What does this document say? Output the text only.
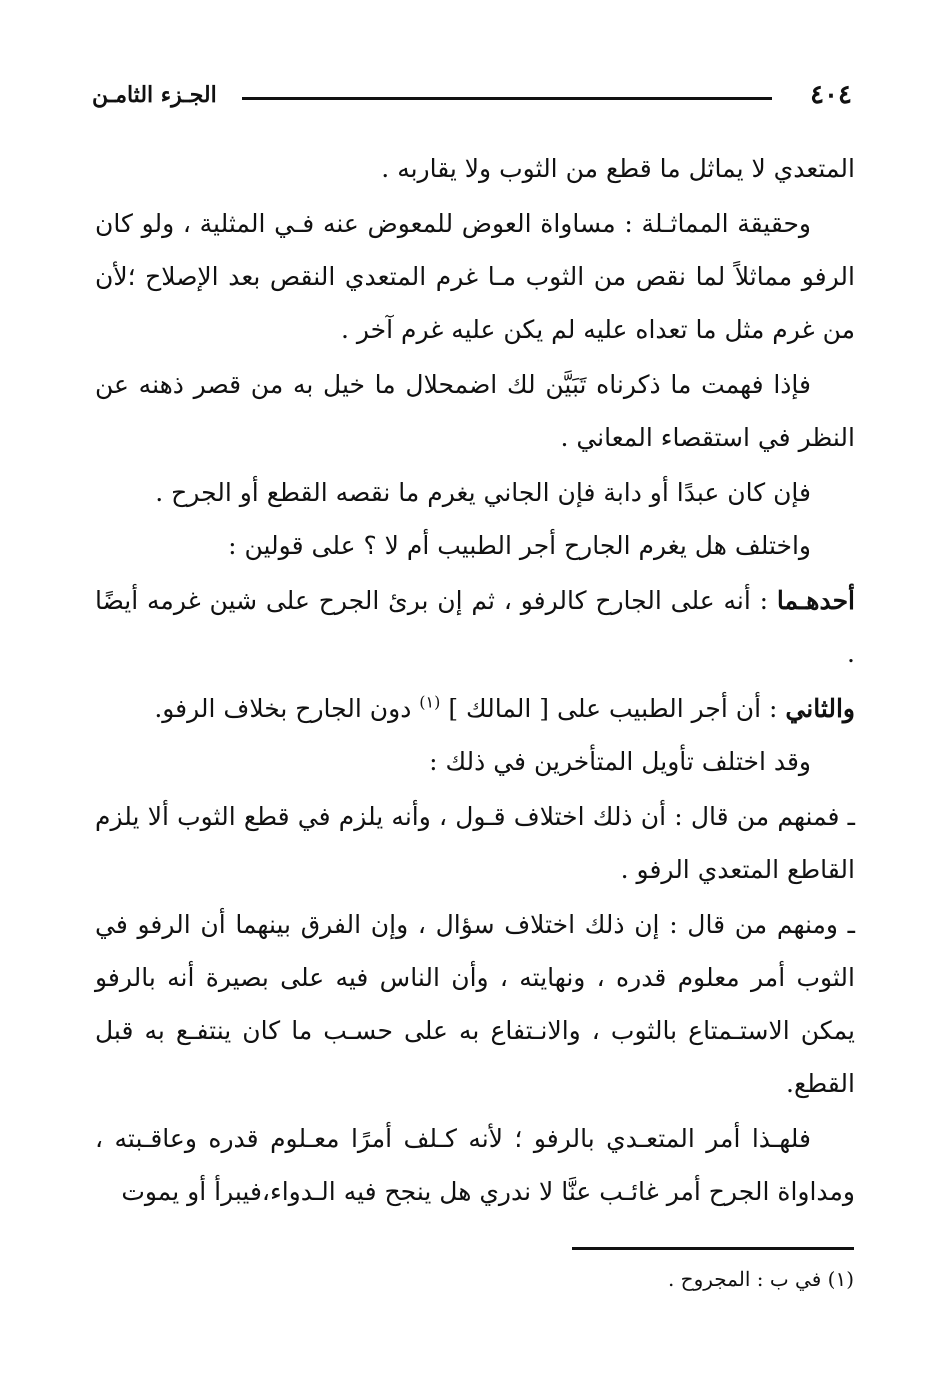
٤٠٤
الجـزء الثامـن

المتعدي لا يماثل ما قطع من الثوب ولا يقاربه .

وحقيقة المماثـلة : مساواة العوض للمعوض عنه فـي المثلية ، ولو كان الرفو مماثلاً لما نقص من الثوب مـا غرم المتعدي النقص بعد الإصلاح ؛لأن من غرم مثل ما تعداه عليه لم يكن عليه غرم آخر .

فإذا فهمت ما ذكرناه تَبَيَّن لك اضمحلال ما خيل به من قصر ذهنه عن النظر في استقصاء المعاني .

فإن كان عبدًا أو دابة فإن الجاني يغرم ما نقصه القطع أو الجرح .

واختلف هل يغرم الجارح أجر الطبيب أم لا ؟ على قولين :

أحدهـما : أنه على الجارح كالرفو ، ثم إن برئ الجرح على شين غرمه أيضًا .

والثاني : أن أجر الطبيب على [ المالك ] $^{(١)}$ دون الجارح بخلاف الرفو.

وقد اختلف تأويل المتأخرين في ذلك :

ـ فمنهم من قال : أن ذلك اختلاف قـول ، وأنه يلزم في قطع الثوب ألا يلزم القاطع المتعدي الرفو .

ـ ومنهم من قال : إن ذلك اختلاف سؤال ، وإن الفرق بينهما أن الرفو في الثوب أمر معلوم قدره ، ونهايته ، وأن الناس فيه على بصيرة أنه بالرفو يمكن الاستـمتاع بالثوب ، والانـتفاع به على حسـب ما كان ينتفـع به قبل القطع.

فلهـذا أمر المتعـدي بالرفو ؛ لأنه كـلف أمرًا معـلوم قدره وعاقـبته ، ومداواة الجرح أمر غائـب عنَّا لا ندري هل ينجح فيه الـدواء،فيبرأ أو يموت

(١) في ب : المجروح .
